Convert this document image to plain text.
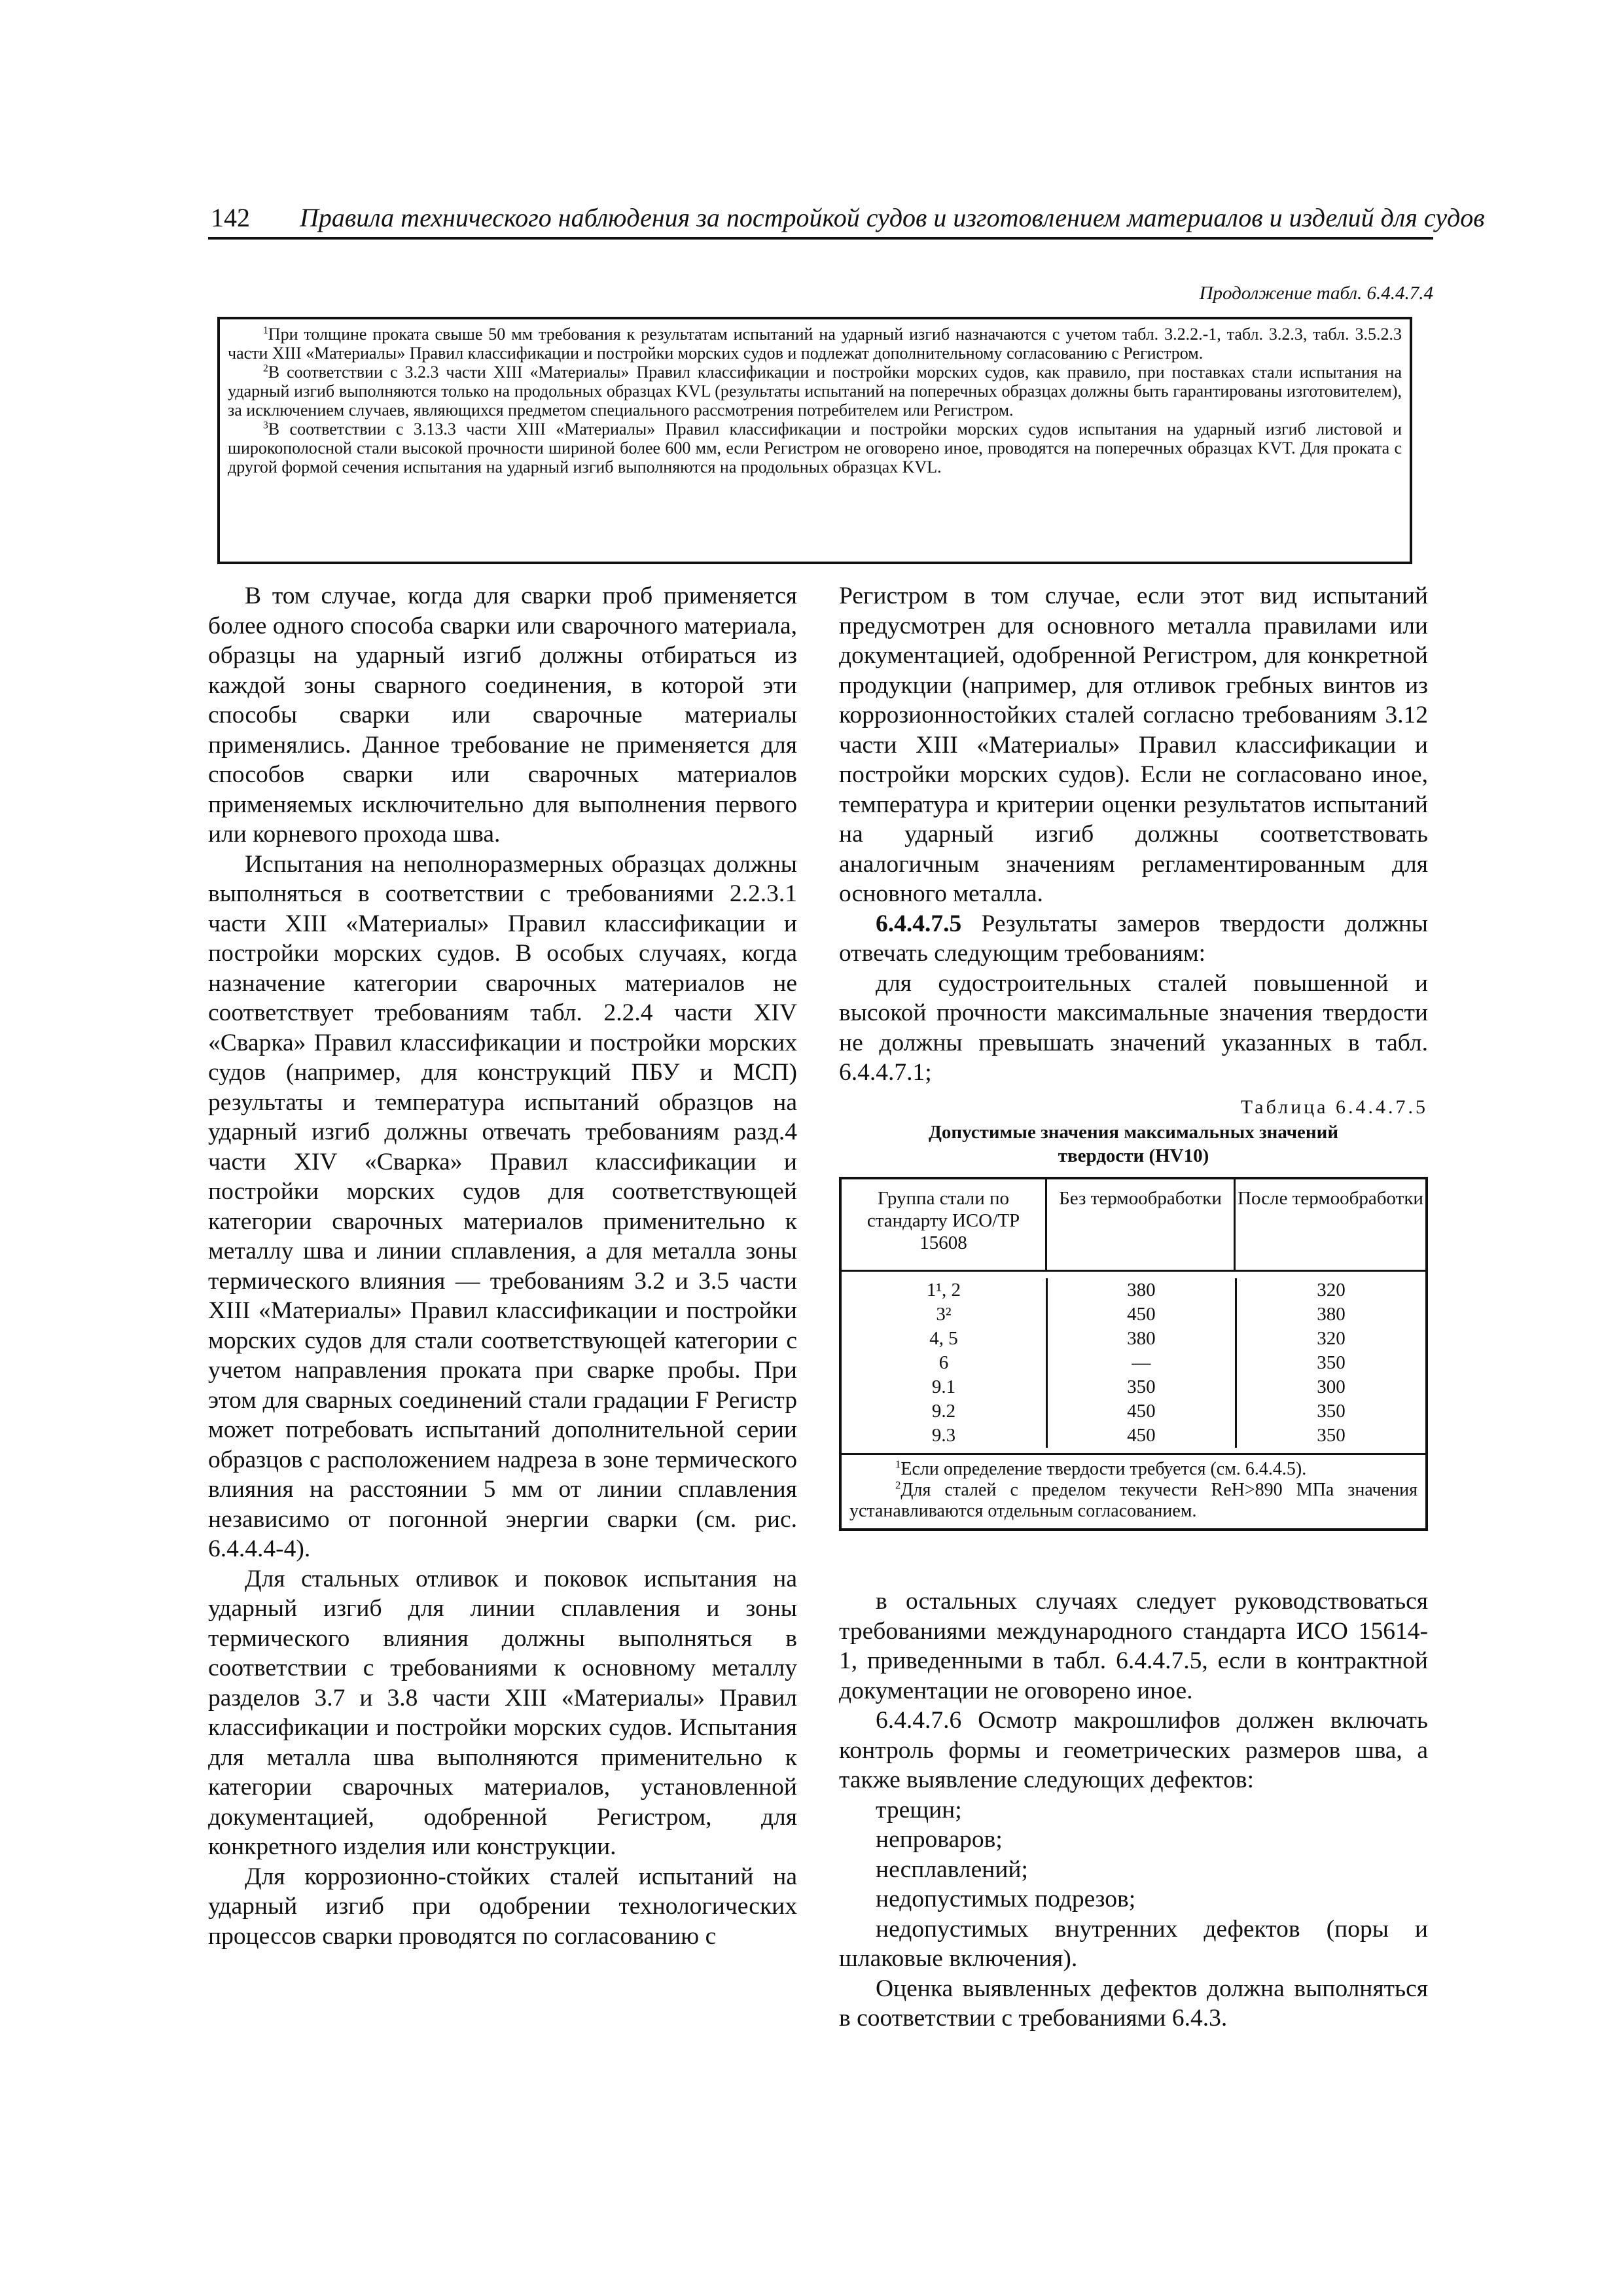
142 Правила технического наблюдения за постройкой судов и изготовлением материалов и изделий для судов
Продолжение табл. 6.4.4.7.4

$^1$При толщине проката свыше 50 мм требования к результатам испытаний на ударный изгиб назначаются с учетом табл. 3.2.2.-1, табл. 3.2.3, табл. 3.5.2.3 части XIII «Материалы» Правил классификации и постройки морских судов и подлежат дополнительному согласованию с Регистром.

$^2$В соответствии с 3.2.3 части XIII «Материалы» Правил классификации и постройки морских судов, как правило, при поставках стали испытания на ударный изгиб выполняются только на продольных образцах KVL (результаты испытаний на поперечных образцах должны быть гарантированы изготовителем), за исключением случаев, являющихся предметом специального рассмотрения потребителем или Регистром.

$^3$В соответствии с 3.13.3 части XIII «Материалы» Правил классификации и постройки морских судов испытания на ударный изгиб листовой и широкополосной стали высокой прочности шириной более 600 мм, если Регистром не оговорено иное, проводятся на поперечных образцах KVT. Для проката с другой формой сечения испытания на ударный изгиб выполняются на продольных образцах KVL.

В том случае, когда для сварки проб применяется более одного способа сварки или сварочного материала, образцы на ударный изгиб должны отбираться из каждой зоны сварного соединения, в которой эти способы сварки или сварочные материалы применялись. Данное требование не применяется для способов сварки или сварочных материалов применяемых исключительно для выполнения первого или корневого прохода шва.

Испытания на неполноразмерных образцах должны выполняться в соответствии с требованиями 2.2.3.1 части XIII «Материалы» Правил классификации и постройки морских судов. В особых случаях, когда назначение категории сварочных материалов не соответствует требованиям табл. 2.2.4 части XIV «Сварка» Правил классификации и постройки морских судов (например, для конструкций ПБУ и МСП) результаты и температура испытаний образцов на ударный изгиб должны отвечать требованиям разд.4 части XIV «Сварка» Правил классификации и постройки морских судов для соответствующей категории сварочных материалов применительно к металлу шва и линии сплавления, а для металла зоны термического влияния — требованиям 3.2 и 3.5 части XIII «Материалы» Правил классификации и постройки морских судов для стали соответствующей категории с учетом направления проката при сварке пробы. При этом для сварных соединений стали градации F Регистр может потребовать испытаний дополнительной серии образцов с расположением надреза в зоне термического влияния на расстоянии 5 мм от линии сплавления независимо от погонной энергии сварки (см. рис. 6.4.4.4-4).

Для стальных отливок и поковок испытания на ударный изгиб для линии сплавления и зоны термического влияния должны выполняться в соответствии с требованиями к основному металлу разделов 3.7 и 3.8 части XIII «Материалы» Правил классификации и постройки морских судов. Испытания для металла шва выполняются применительно к категории сварочных материалов, установленной документацией, одобренной Регистром, для конкретного изделия или конструкции.

Для коррозионно-стойких сталей испытаний на ударный изгиб при одобрении технологических процессов сварки проводятся по согласованию с

Регистром в том случае, если этот вид испытаний предусмотрен для основного металла правилами или документацией, одобренной Регистром, для конкретной продукции (например, для отливок гребных винтов из коррозионностойких сталей согласно требованиям 3.12 части XIII «Материалы» Правил классификации и постройки морских судов). Если не согласовано иное, температура и критерии оценки результатов испытаний на ударный изгиб должны соответствовать аналогичным значениям регламентированным для основного металла.

6.4.4.7.5 Результаты замеров твердости должны отвечать следующим требованиям:

для судостроительных сталей повышенной и высокой прочности максимальные значения твердости не должны превышать значений указанных в табл. 6.4.4.7.1;

Таблица 6.4.4.7.5
Допустимые значения максимальных значений
твердости (HV10)
Группа стали по стандарту ИСО/ТР 15608
Без термообработки После термообработки
1¹, 2
3²
4, 5
6
9.1
9.2
9.3
380
450
380
—
350
450
450
320
380
320
350
300
350
350

$^1$Если определение твердости требуется (см. 6.4.4.5).

$^2$Для сталей с пределом текучести ReH>890 МПа значения устанавливаются отдельным согласованием.

в остальных случаях следует руководствоваться требованиями международного стандарта ИСО 15614-1, приведенными в табл. 6.4.4.7.5, если в контрактной документации не оговорено иное.

6.4.4.7.6 Осмотр макрошлифов должен включать контроль формы и геометрических размеров шва, а также выявление следующих дефектов:

трещин;

непроваров;

несплавлений;

недопустимых подрезов;

недопустимых внутренних дефектов (поры и шлаковые включения).

Оценка выявленных дефектов должна выполняться в соответствии с требованиями 6.4.3.
